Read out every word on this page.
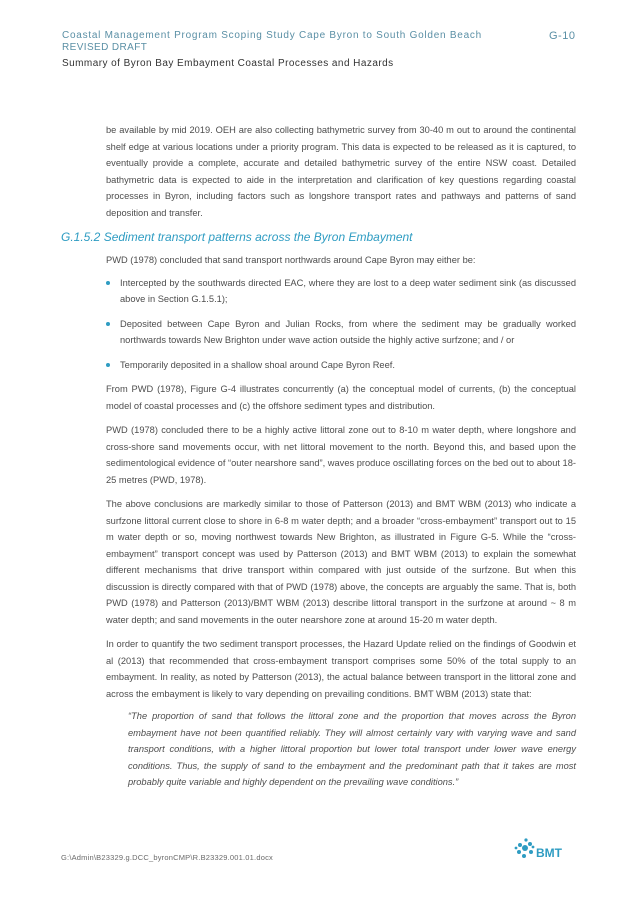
Coastal Management Program Scoping Study Cape Byron to South Golden Beach
REVISED DRAFT
Summary of Byron Bay Embayment Coastal Processes and Hazards
G-10

be available by mid 2019. OEH are also collecting bathymetric survey from 30-40 m out to around the continental shelf edge at various locations under a priority program. This data is expected to be released as it is captured, to eventually provide a complete, accurate and detailed bathymetric survey of the entire NSW coast. Detailed bathymetric data is expected to aide in the interpretation and clarification of key questions regarding coastal processes in Byron, including factors such as longshore transport rates and pathways and patterns of sand deposition and transfer.

G.1.5.2 Sediment transport patterns across the Byron Embayment

PWD (1978) concluded that sand transport northwards around Cape Byron may either be:

Intercepted by the southwards directed EAC, where they are lost to a deep water sediment sink (as discussed above in Section G.1.5.1);
Deposited between Cape Byron and Julian Rocks, from where the sediment may be gradually worked northwards towards New Brighton under wave action outside the highly active surfzone; and / or
Temporarily deposited in a shallow shoal around Cape Byron Reef.

From PWD (1978), Figure G-4 illustrates concurrently (a) the conceptual model of currents, (b) the conceptual model of coastal processes and (c) the offshore sediment types and distribution.

PWD (1978) concluded there to be a highly active littoral zone out to 8-10 m water depth, where longshore and cross-shore sand movements occur, with net littoral movement to the north. Beyond this, and based upon the sedimentological evidence of “outer nearshore sand”, waves produce oscillating forces on the bed out to about 18-25 metres (PWD, 1978).

The above conclusions are markedly similar to those of Patterson (2013) and BMT WBM (2013) who indicate a surfzone littoral current close to shore in 6-8 m water depth; and a broader “cross-embayment” transport out to 15 m water depth or so, moving northwest towards New Brighton, as illustrated in Figure G-5. While the “cross-embayment” transport concept was used by Patterson (2013) and BMT WBM (2013) to explain the somewhat different mechanisms that drive transport within compared with just outside of the surfzone. But when this discussion is directly compared with that of PWD (1978) above, the concepts are arguably the same. That is, both PWD (1978) and Patterson (2013)/BMT WBM (2013) describe littoral transport in the surfzone at around ~ 8 m water depth; and sand movements in the outer nearshore zone at around 15-20 m water depth.

In order to quantify the two sediment transport processes, the Hazard Update relied on the findings of Goodwin et al (2013) that recommended that cross-embayment transport comprises some 50% of the total supply to an embayment. In reality, as noted by Patterson (2013), the actual balance between transport in the littoral zone and across the embayment is likely to vary depending on prevailing conditions. BMT WBM (2013) state that:

“The proportion of sand that follows the littoral zone and the proportion that moves across the Byron embayment have not been quantified reliably. They will almost certainly vary with varying wave and sand transport conditions, with a higher littoral proportion but lower total transport under lower wave energy conditions. Thus, the supply of sand to the embayment and the predominant path that it takes are most probably quite variable and highly dependent on the prevailing wave conditions.”

G:\Admin\B23329.g.DCC_byronCMP\R.B23329.001.01.docx	BMT
